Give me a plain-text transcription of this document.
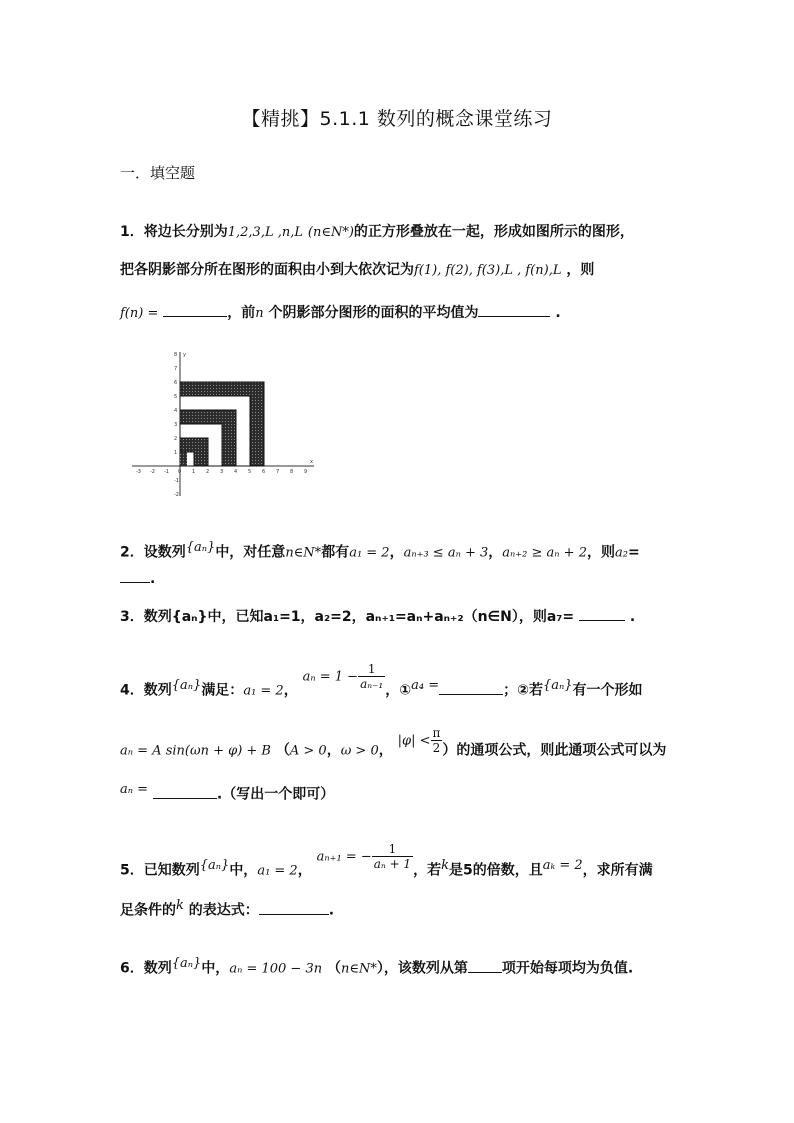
【精挑】5.1.1 数列的概念课堂练习
一．填空题
1．将边长分别为1,2,3,L ,n,L (n∈N*)的正方形叠放在一起，形成如图所示的图形，
把各阴影部分所在图形的面积由小到大依次记为f(1), f(2), f(3),L , f(n),L ，则
f(n) =	，前n 个阴影部分图形的面积的平均值为	.
-3 -2 -1 0 1 2 3 4 5 6 7 8 9
8
7
6
5
4
3
2
1
-1
-2
x
y
2．设数列$^{\{a_n\}}$中，对任意n∈N*都有a₁ = 2，aₙ₊₃ ≤ aₙ + 3，aₙ₊₂ ≥ aₙ + 2，则a₂=
.
3．数列{aₙ}中，已知a₁=1，a₂=2，aₙ₊₁=aₙ+aₙ₊₂（n∈N），则a₇=	.
4．数列$^{\{a_n\}}$满足：a₁ = 2， $a_n = 1 - \frac{1}{\text{aₙ₋₁}}$ ，①$^{a_4 =}$	；②若$^{\{a_n\}}$有一个形如
aₙ = A sin(ωn + φ) + B （A > 0，ω > 0， $|\varphi| < \frac{\pi}{2}$ ）的通项公式，则此通项公式可以为
$^{a_n =}$	.（写出一个即可）
5．已知数列$^{\{a_n\}}$中，a₁ = 2， aₙ₊₁ = − $\frac{1}{\text{aₙ + 1}}$ ，若$^k$是5的倍数，且$^{a_k = 2}$，求所有满
足条件的$^k$ 的表达式：	.
6．数列$^{\{a_n\}}$中，aₙ = 100 − 3n （n∈N*），该数列从第 项开始每项均为负值.
